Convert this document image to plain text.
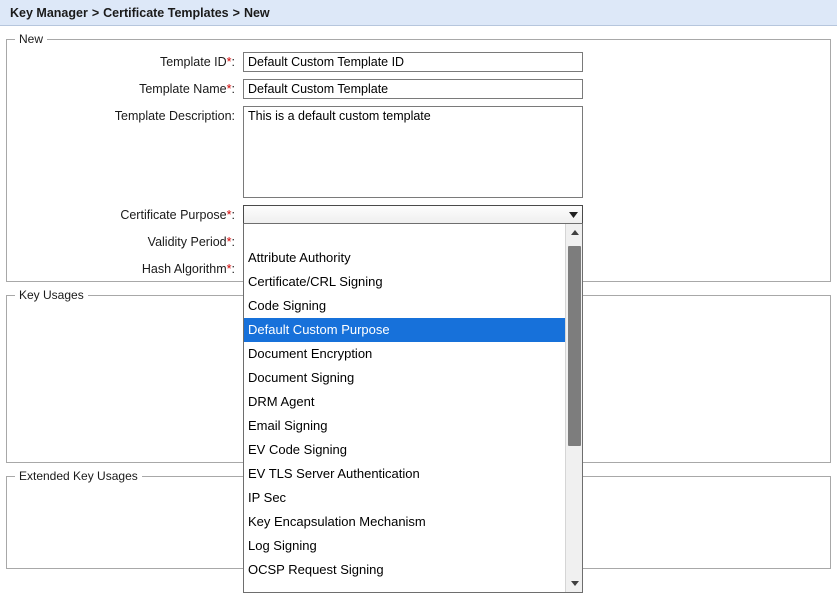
Key Manager > Certificate Templates > New
New
Template ID*:
Default Custom Template ID
Template Name*:
Default Custom Template
Template Description:
This is a default custom template
Certificate Purpose*:
Validity Period*:
Hash Algorithm*:
Key Usages
Extended Key Usages
Attribute Authority
Certificate/CRL Signing
Code Signing
Default Custom Purpose
Document Encryption
Document Signing
DRM Agent
Email Signing
EV Code Signing
EV TLS Server Authentication
IP Sec
Key Encapsulation Mechanism
Log Signing
OCSP Request Signing
